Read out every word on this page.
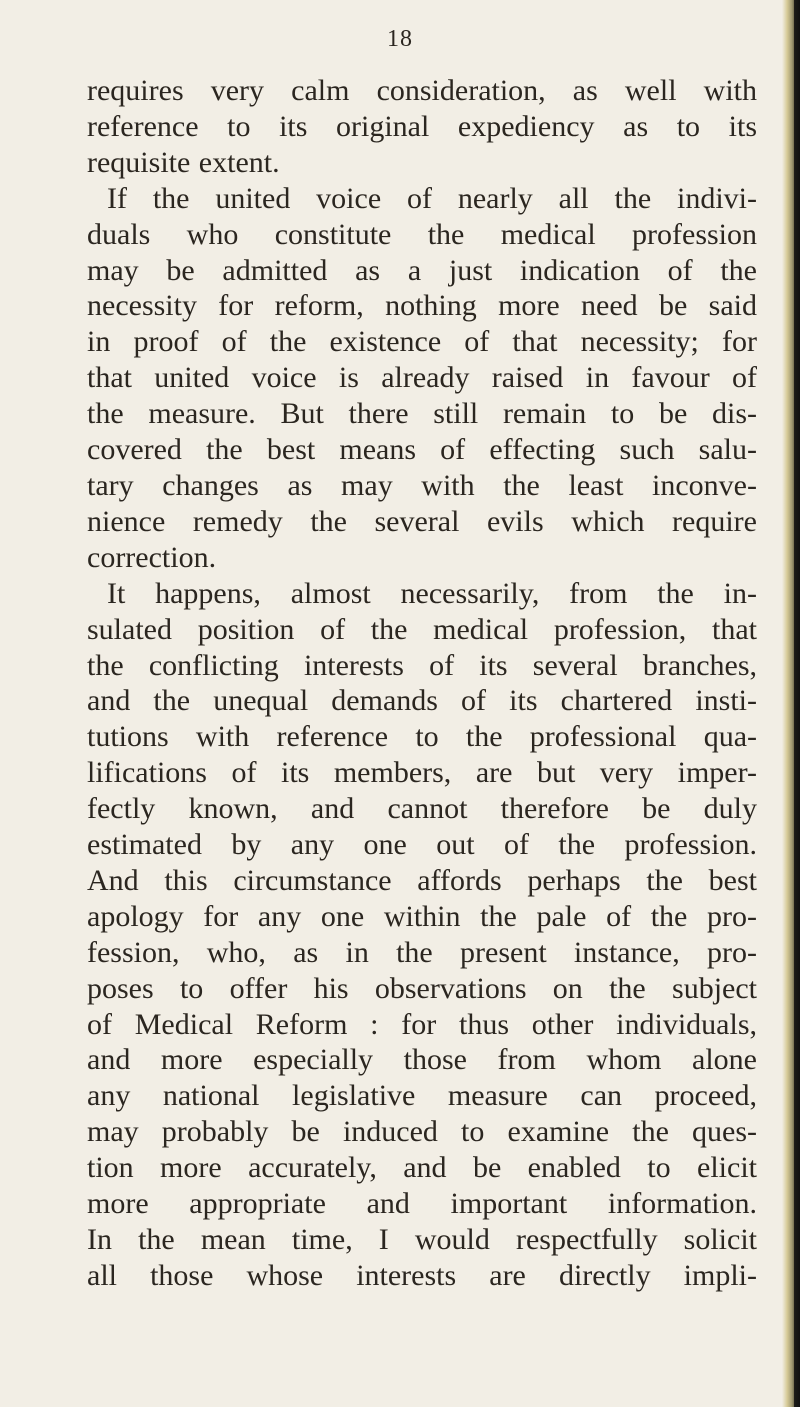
18
requires very calm consideration, as well with
reference to its original expediency as to its
requisite extent.
If the united voice of nearly all the indivi-
duals who constitute the medical profession
may be admitted as a just indication of the
necessity for reform, nothing more need be said
in proof of the existence of that necessity; for
that united voice is already raised in favour of
the measure. But there still remain to be dis-
covered the best means of effecting such salu-
tary changes as may with the least inconve-
nience remedy the several evils which require
correction.
It happens, almost necessarily, from the in-
sulated position of the medical profession, that
the conflicting interests of its several branches,
and the unequal demands of its chartered insti-
tutions with reference to the professional qua-
lifications of its members, are but very imper-
fectly known, and cannot therefore be duly
estimated by any one out of the profession.
And this circumstance affords perhaps the best
apology for any one within the pale of the pro-
fession, who, as in the present instance, pro-
poses to offer his observations on the subject
of Medical Reform : for thus other individuals,
and more especially those from whom alone
any national legislative measure can proceed,
may probably be induced to examine the ques-
tion more accurately, and be enabled to elicit
more appropriate and important information.
In the mean time, I would respectfully solicit
all those whose interests are directly impli-
